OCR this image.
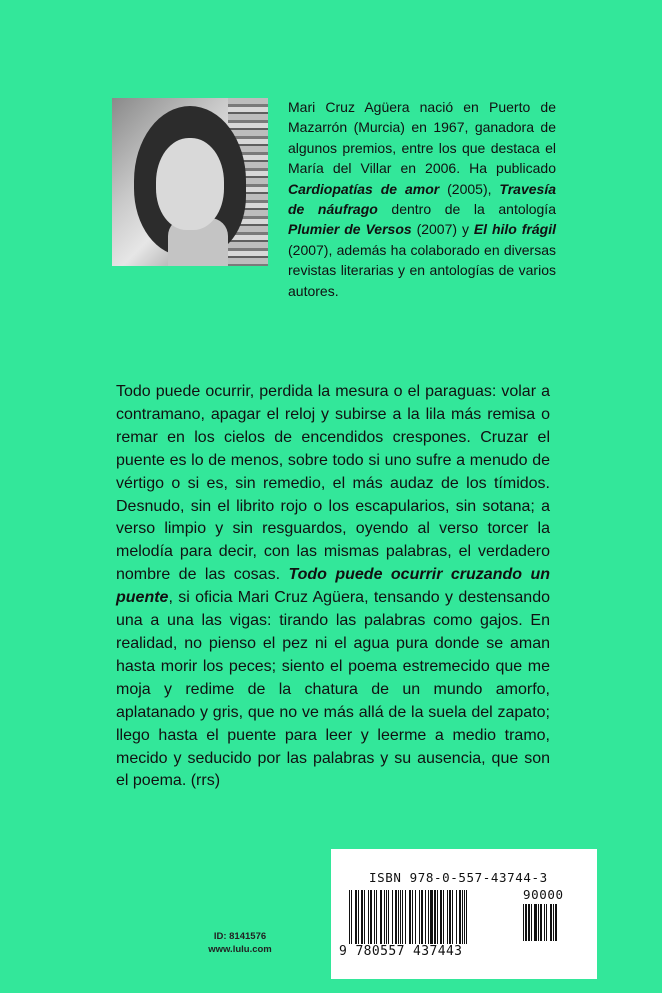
Mari Cruz Agüera nació en Puerto de Mazarrón (Murcia) en 1967, ganadora de algunos premios, entre los que destaca el María del Villar en 2006. Ha publicado Cardiopatías de amor (2005), Travesía de náufrago dentro de la antología Plumier de Versos (2007) y El hilo frágil (2007), además ha colaborado en diversas revistas literarias y en antologías de varios autores.
Todo puede ocurrir, perdida la mesura o el paraguas: volar a contramano, apagar el reloj y subirse a la lila más remisa o remar en los cielos de encendidos crespones. Cruzar el puente es lo de menos, sobre todo si uno sufre a menudo de vértigo o si es, sin remedio, el más audaz de los tímidos. Desnudo, sin el librito rojo o los escapularios, sin sotana; a verso limpio y sin resguardos, oyendo al verso torcer la melodía para decir, con las mismas palabras, el verdadero nombre de las cosas. Todo puede ocurrir cruzando un puente, si oficia Mari Cruz Agüera, tensando y destensando una a una las vigas: tirando las palabras como gajos. En realidad, no pienso el pez ni el agua pura donde se aman hasta morir los peces; siento el poema estremecido que me moja y redime de la chatura de un mundo amorfo, aplatanado y gris, que no ve más allá de la suela del zapato; llego hasta el puente para leer y leerme a medio tramo, mecido y seducido por las palabras y su ausencia, que son el poema. (rrs)
ISBN 978-0-557-43744-3
90000
9 780557 437443
ID: 8141576
www.lulu.com
